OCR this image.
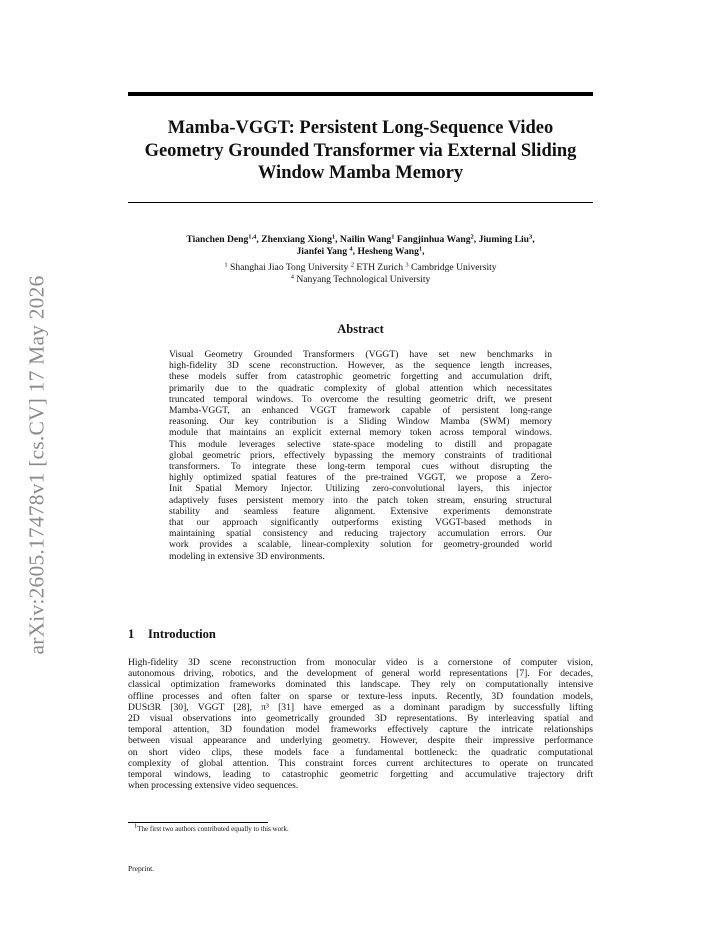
arXiv:2605.17478v1 [cs.CV] 17 May 2026
Mamba-VGGT: Persistent Long-Sequence Video
Geometry Grounded Transformer via External Sliding
Window Mamba Memory
Tianchen Deng$^{1,4}$, Zhenxiang Xiong$^1$, Nailin Wang$^1$ Fangjinhua Wang$^2$, Jiuming Liu$^3$,
Jianfei Yang $^4$, Hesheng Wang$^1$,
$^1$ Shanghai Jiao Tong University $^2$ ETH Zurich $^3$ Cambridge University
$^4$ Nanyang Technological University
Abstract
Visual Geometry Grounded Transformers (VGGT) have set new benchmarks in
high-fidelity 3D scene reconstruction. However, as the sequence length increases,
these models suffer from catastrophic geometric forgetting and accumulation drift,
primarily due to the quadratic complexity of global attention which necessitates
truncated temporal windows. To overcome the resulting geometric drift, we present
Mamba-VGGT, an enhanced VGGT framework capable of persistent long-range
reasoning. Our key contribution is a Sliding Window Mamba (SWM) memory
module that maintains an explicit external memory token across temporal windows.
This module leverages selective state-space modeling to distill and propagate
global geometric priors, effectively bypassing the memory constraints of traditional
transformers. To integrate these long-term temporal cues without disrupting the
highly optimized spatial features of the pre-trained VGGT, we propose a Zero-
Init Spatial Memory Injector. Utilizing zero-convolutional layers, this injector
adaptively fuses persistent memory into the patch token stream, ensuring structural
stability and seamless feature alignment. Extensive experiments demonstrate
that our approach significantly outperforms existing VGGT-based methods in
maintaining spatial consistency and reducing trajectory accumulation errors. Our
work provides a scalable, linear-complexity solution for geometry-grounded world
modeling in extensive 3D environments.
1 Introduction
High-fidelity 3D scene reconstruction from monocular video is a cornerstone of computer vision,
autonomous driving, robotics, and the development of general world representations [7]. For decades,
classical optimization frameworks dominated this landscape. They rely on computationally intensive
offline processes and often falter on sparse or texture-less inputs. Recently, 3D foundation models,
DUSt3R [30], VGGT [28], π³ [31] have emerged as a dominant paradigm by successfully lifting
2D visual observations into geometrically grounded 3D representations. By interleaving spatial and
temporal attention, 3D foundation model frameworks effectively capture the intricate relationships
between visual appearance and underlying geometry. However, despite their impressive performance
on short video clips, these models face a fundamental bottleneck: the quadratic computational
complexity of global attention. This constraint forces current architectures to operate on truncated
temporal windows, leading to catastrophic geometric forgetting and accumulative trajectory drift
when processing extensive video sequences.
$^1$The first two authors contributed equally to this work.
Preprint.
